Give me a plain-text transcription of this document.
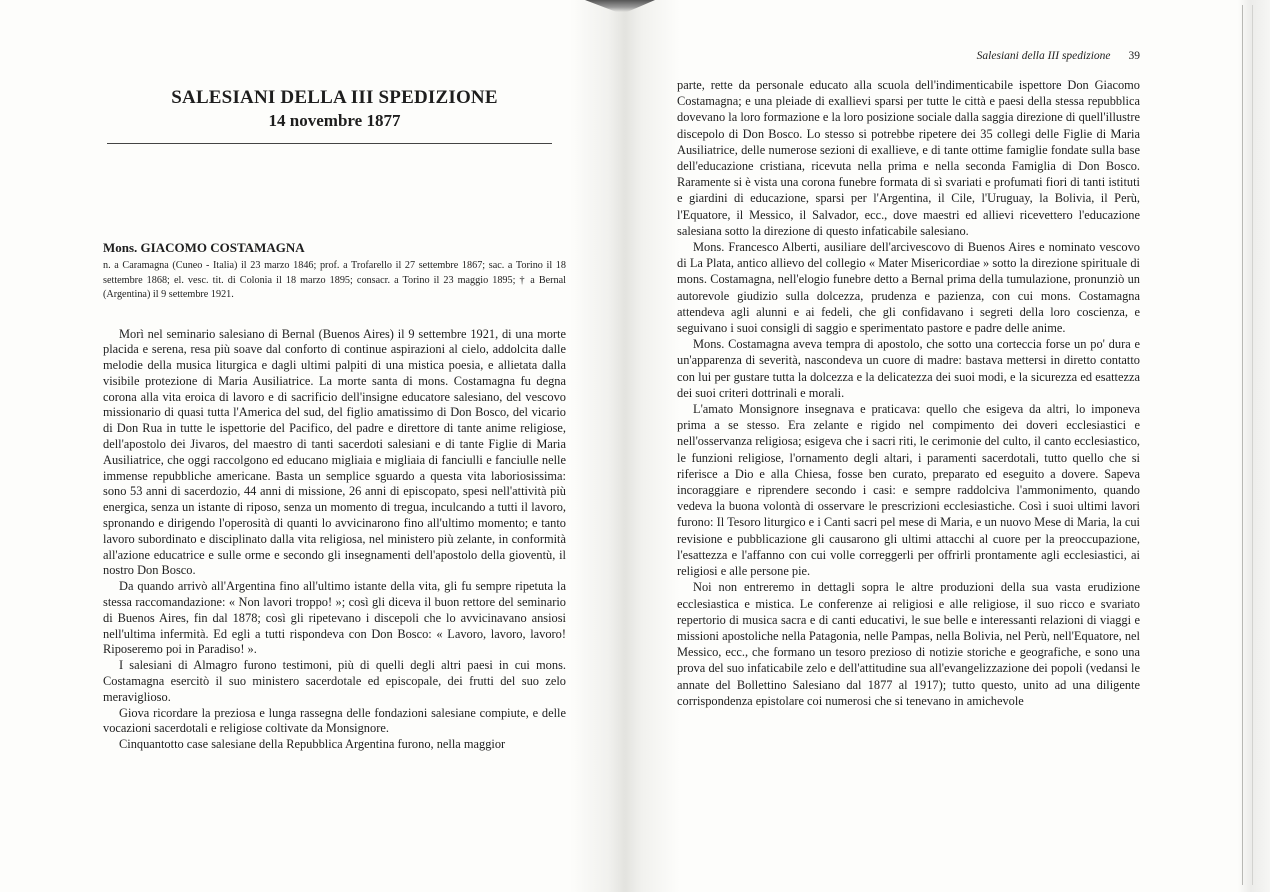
SALESIANI DELLA III SPEDIZIONE
14 novembre 1877
Mons. GIACOMO COSTAMAGNA
n. a Caramagna (Cuneo - Italia) il 23 marzo 1846; prof. a Trofarello il 27 settembre 1867; sac. a Torino il 18 settembre 1868; el. vesc. tit. di Colonia il 18 marzo 1895; consacr. a Torino il 23 maggio 1895; † a Bernal (Argentina) il 9 settembre 1921.

Morì nel seminario salesiano di Bernal (Buenos Aires) il 9 settembre 1921, di una morte placida e serena, resa più soave dal conforto di continue aspirazioni al cielo, addolcita dalle melodie della musica liturgica e dagli ultimi palpiti di una mistica poesia, e allietata dalla visibile protezione di Maria Ausiliatrice. La morte santa di mons. Costamagna fu degna corona alla vita eroica di lavoro e di sacrificio dell'insigne educatore salesiano, del vescovo missionario di quasi tutta l'America del sud, del figlio amatissimo di Don Bosco, del vicario di Don Rua in tutte le ispettorie del Pacifico, del padre e direttore di tante anime religiose, dell'apostolo dei Jivaros, del maestro di tanti sacerdoti salesiani e di tante Figlie di Maria Ausiliatrice, che oggi raccolgono ed educano migliaia e migliaia di fanciulli e fanciulle nelle immense repubbliche americane. Basta un semplice sguardo a questa vita laboriosissima: sono 53 anni di sacerdozio, 44 anni di missione, 26 anni di episcopato, spesi nell'attività più energica, senza un istante di riposo, senza un momento di tregua, inculcando a tutti il lavoro, spronando e dirigendo l'operosità di quanti lo avvicinarono fino all'ultimo momento; e tanto lavoro subordinato e disciplinato dalla vita religiosa, nel ministero più zelante, in conformità all'azione educatrice e sulle orme e secondo gli insegnamenti dell'apostolo della gioventù, il nostro Don Bosco.

Da quando arrivò all'Argentina fino all'ultimo istante della vita, gli fu sempre ripetuta la stessa raccomandazione: « Non lavori troppo! »; così gli diceva il buon rettore del seminario di Buenos Aires, fin dal 1878; così gli ripetevano i discepoli che lo avvicinavano ansiosi nell'ultima infermità. Ed egli a tutti rispondeva con Don Bosco: « Lavoro, lavoro, lavoro! Riposeremo poi in Paradiso! ».

I salesiani di Almagro furono testimoni, più di quelli degli altri paesi in cui mons. Costamagna esercitò il suo ministero sacerdotale ed episcopale, dei frutti del suo zelo meraviglioso.

Giova ricordare la preziosa e lunga rassegna delle fondazioni salesiane compiute, e delle vocazioni sacerdotali e religiose coltivate da Monsignore.

Cinquantotto case salesiane della Repubblica Argentina furono, nella maggior

Salesiani della III spedizione 39

parte, rette da personale educato alla scuola dell'indimenticabile ispettore Don Giacomo Costamagna; e una pleiade di exallievi sparsi per tutte le città e paesi della stessa repubblica dovevano la loro formazione e la loro posizione sociale dalla saggia direzione di quell'illustre discepolo di Don Bosco. Lo stesso si potrebbe ripetere dei 35 collegi delle Figlie di Maria Ausiliatrice, delle numerose sezioni di exallieve, e di tante ottime famiglie fondate sulla base dell'educazione cristiana, ricevuta nella prima e nella seconda Famiglia di Don Bosco. Raramente si è vista una corona funebre formata di sì svariati e profumati fiori di tanti istituti e giardini di educazione, sparsi per l'Argentina, il Cile, l'Uruguay, la Bolivia, il Perù, l'Equatore, il Messico, il Salvador, ecc., dove maestri ed allievi ricevettero l'educazione salesiana sotto la direzione di questo infaticabile salesiano.

Mons. Francesco Alberti, ausiliare dell'arcivescovo di Buenos Aires e nominato vescovo di La Plata, antico allievo del collegio « Mater Misericordiae » sotto la direzione spirituale di mons. Costamagna, nell'elogio funebre detto a Bernal prima della tumulazione, pronunziò un autorevole giudizio sulla dolcezza, prudenza e pazienza, con cui mons. Costamagna attendeva agli alunni e ai fedeli, che gli confidavano i segreti della loro coscienza, e seguivano i suoi consigli di saggio e sperimentato pastore e padre delle anime.

Mons. Costamagna aveva tempra di apostolo, che sotto una corteccia forse un po' dura e un'apparenza di severità, nascondeva un cuore di madre: bastava mettersi in diretto contatto con lui per gustare tutta la dolcezza e la delicatezza dei suoi modi, e la sicurezza ed esattezza dei suoi criteri dottrinali e morali.

L'amato Monsignore insegnava e praticava: quello che esigeva da altri, lo imponeva prima a se stesso. Era zelante e rigido nel compimento dei doveri ecclesiastici e nell'osservanza religiosa; esigeva che i sacri riti, le cerimonie del culto, il canto ecclesiastico, le funzioni religiose, l'ornamento degli altari, i paramenti sacerdotali, tutto quello che si riferisce a Dio e alla Chiesa, fosse ben curato, preparato ed eseguito a dovere. Sapeva incoraggiare e riprendere secondo i casi: e sempre raddolciva l'ammonimento, quando vedeva la buona volontà di osservare le prescrizioni ecclesiastiche. Così i suoi ultimi lavori furono: Il Tesoro liturgico e i Canti sacri pel mese di Maria, e un nuovo Mese di Maria, la cui revisione e pubblicazione gli causarono gli ultimi attacchi al cuore per la preoccupazione, l'esattezza e l'affanno con cui volle correggerli per offrirli prontamente agli ecclesiastici, ai religiosi e alle persone pie.

Noi non entreremo in dettagli sopra le altre produzioni della sua vasta erudizione ecclesiastica e mistica. Le conferenze ai religiosi e alle religiose, il suo ricco e svariato repertorio di musica sacra e di canti educativi, le sue belle e interessanti relazioni di viaggi e missioni apostoliche nella Patagonia, nelle Pampas, nella Bolivia, nel Perù, nell'Equatore, nel Messico, ecc., che formano un tesoro prezioso di notizie storiche e geografiche, e sono una prova del suo infaticabile zelo e dell'attitudine sua all'evangelizzazione dei popoli (vedansi le annate del Bollettino Salesiano dal 1877 al 1917); tutto questo, unito ad una diligente corrispondenza epistolare coi numerosi che si tenevano in amichevole
